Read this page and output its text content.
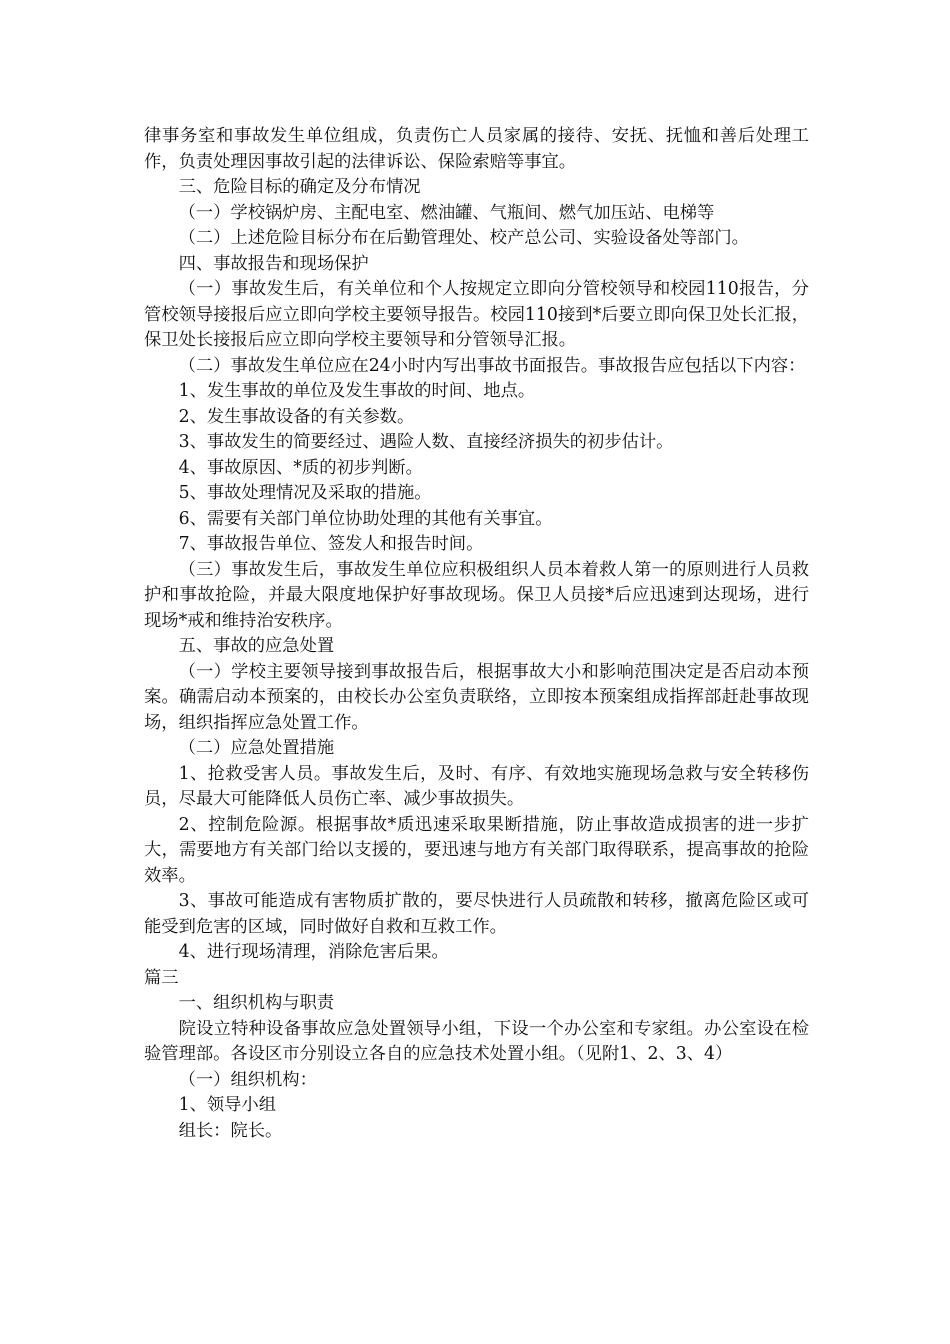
律事务室和事故发生单位组成，负责伤亡人员家属的接待、安抚、抚恤和善后处理工作，负责处理因事故引起的法律诉讼、保险索赔等事宜。

三、危险目标的确定及分布情况

（一）学校锅炉房、主配电室、燃油罐、气瓶间、燃气加压站、电梯等

（二）上述危险目标分布在后勤管理处、校产总公司、实验设备处等部门。

四、事故报告和现场保护

（一）事故发生后，有关单位和个人按规定立即向分管校领导和校园110报告，分管校领导接报后应立即向学校主要领导报告。校园110接到*后要立即向保卫处长汇报，保卫处长接报后应立即向学校主要领导和分管领导汇报。

（二）事故发生单位应在24小时内写出事故书面报告。事故报告应包括以下内容：

1、发生事故的单位及发生事故的时间、地点。

2、发生事故设备的有关参数。

3、事故发生的简要经过、遇险人数、直接经济损失的初步估计。

4、事故原因、*质的初步判断。

5、事故处理情况及采取的措施。

6、需要有关部门单位协助处理的其他有关事宜。

7、事故报告单位、签发人和报告时间。

（三）事故发生后，事故发生单位应积极组织人员本着救人第一的原则进行人员救护和事故抢险，并最大限度地保护好事故现场。保卫人员接*后应迅速到达现场，进行现场*戒和维持治安秩序。

五、事故的应急处置

（一）学校主要领导接到事故报告后，根据事故大小和影响范围决定是否启动本预案。确需启动本预案的，由校长办公室负责联络，立即按本预案组成指挥部赶赴事故现场，组织指挥应急处置工作。

（二）应急处置措施

1、抢救受害人员。事故发生后，及时、有序、有效地实施现场急救与安全转移伤员，尽最大可能降低人员伤亡率、减少事故损失。

2、控制危险源。根据事故*质迅速采取果断措施，防止事故造成损害的进一步扩大，需要地方有关部门给以支援的，要迅速与地方有关部门取得联系，提高事故的抢险效率。

3、事故可能造成有害物质扩散的，要尽快进行人员疏散和转移，撤离危险区或可能受到危害的区域，同时做好自救和互救工作。

4、进行现场清理，消除危害后果。

篇三

一、组织机构与职责

院设立特种设备事故应急处置领导小组，下设一个办公室和专家组。办公室设在检验管理部。各设区市分别设立各自的应急技术处置小组。（见附1、2、3、4）

（一）组织机构：

1、领导小组

组长：院长。
